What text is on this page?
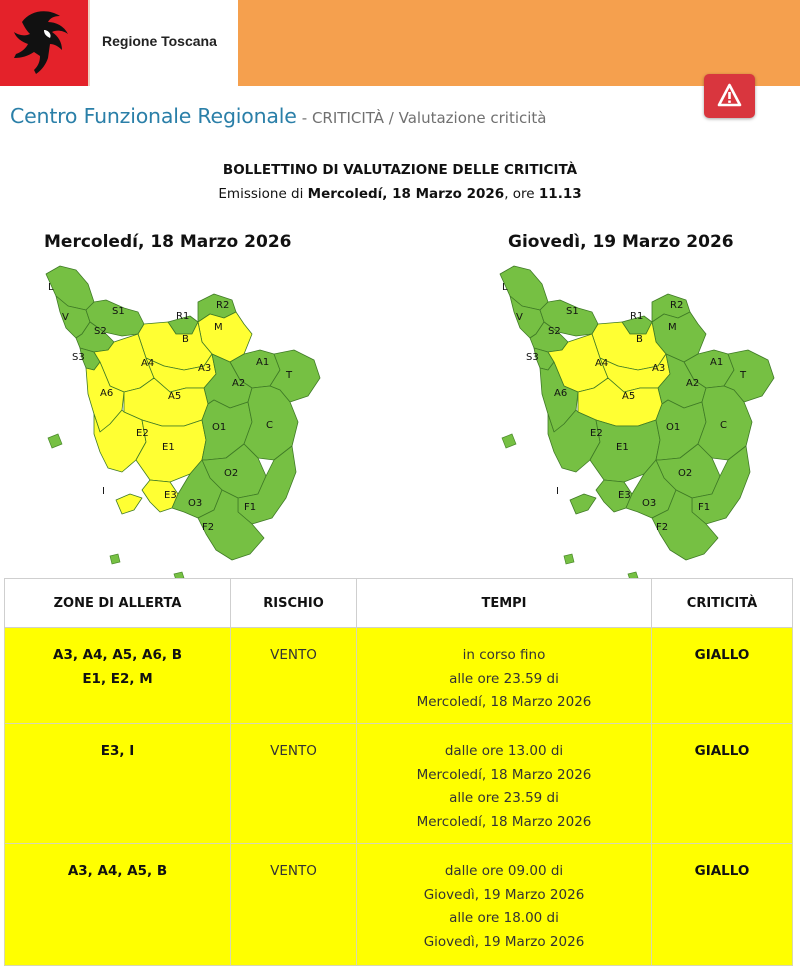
Regione Toscana
Centro Funzionale Regionale - CRITICITÀ / Valutazione criticità
BOLLETTINO DI VALUTAZIONE DELLE CRITICITÀ
Emissione di Mercoledí, 18 Marzo 2026, ore 11.13
Mercoledí, 18 Marzo 2026	Giovedì, 19 Marzo 2026
L
V
S1
S2
S3
R1
R2
M
B
A4	A3
A1
A2
T
A5
A6
E2
E1
O1	C
I	E3
O2
O3	F1
F2
L
V
S1
S2
S3
R1
R2
M
B
A4	A3
A1
A2
T
A5
A6
E2
E1
O1	C
I	E3
O2
O3	F1
F2
ZONE DI ALLERTA	RISCHIO	TEMPI	CRITICITÀ

A3, A4, A5, A6, B
E1, E2, M	VENTO	in corso fino
alle ore 23.59 di
Mercoledí, 18 Marzo 2026	GIALLO

E3, I	VENTO	dalle ore 13.00 di
Mercoledí, 18 Marzo 2026
alle ore 23.59 di
Mercoledí, 18 Marzo 2026	GIALLO

A3, A4, A5, B	VENTO	dalle ore 09.00 di
Giovedì, 19 Marzo 2026
alle ore 18.00 di
Giovedì, 19 Marzo 2026	GIALLO
